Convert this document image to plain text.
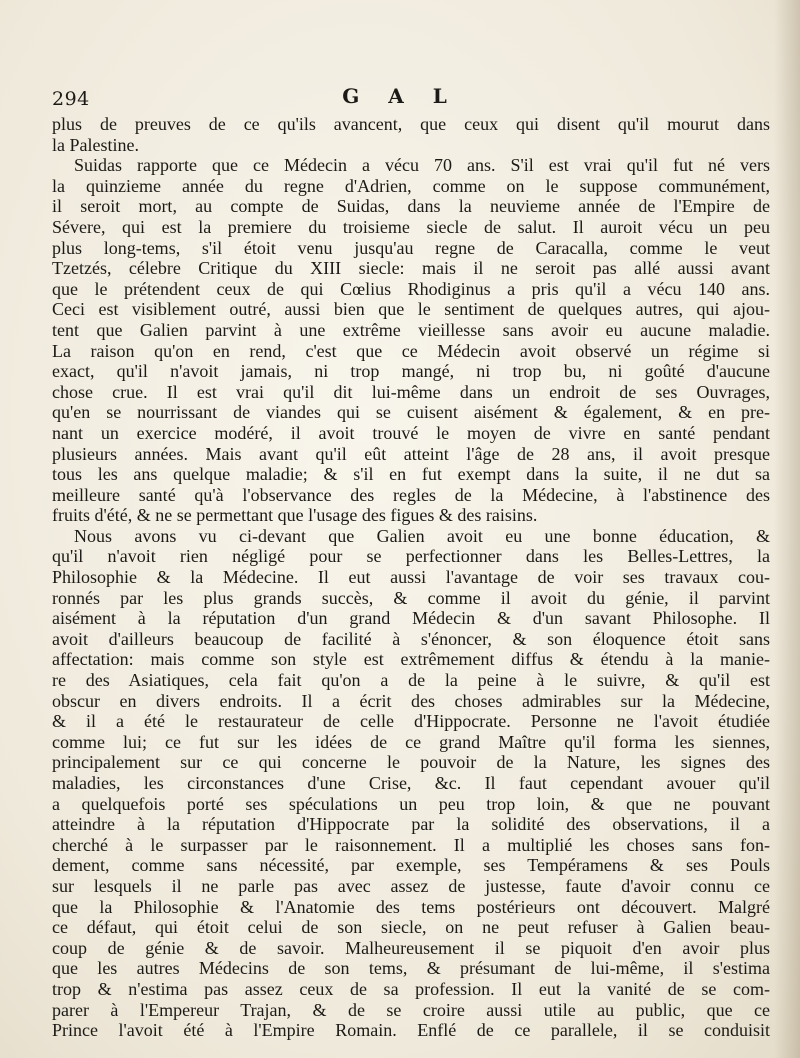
294	G A L

plus de preuves de ce qu'ils avancent, que ceux qui disent qu'il mourut dans
la Palestine.

Suidas rapporte que ce Médecin a vécu 70 ans. S'il est vrai qu'il fut né vers
la quinzieme année du regne d'Adrien, comme on le suppose communément,
il seroit mort, au compte de Suidas, dans la neuvieme année de l'Empire de
Sévere, qui est la premiere du troisieme siecle de salut. Il auroit vécu un peu
plus long-tems, s'il étoit venu jusqu'au regne de Caracalla, comme le veut
Tzetzés, célebre Critique du XIII siecle: mais il ne seroit pas allé aussi avant
que le prétendent ceux de qui Cœlius Rhodiginus a pris qu'il a vécu 140 ans.
Ceci est visiblement outré, aussi bien que le sentiment de quelques autres, qui ajou-
tent que Galien parvint à une extrême vieillesse sans avoir eu aucune maladie.
La raison qu'on en rend, c'est que ce Médecin avoit observé un régime si
exact, qu'il n'avoit jamais, ni trop mangé, ni trop bu, ni goûté d'aucune
chose crue. Il est vrai qu'il dit lui-même dans un endroit de ses Ouvrages,
qu'en se nourrissant de viandes qui se cuisent aisément & également, & en pre-
nant un exercice modéré, il avoit trouvé le moyen de vivre en santé pendant
plusieurs années. Mais avant qu'il eût atteint l'âge de 28 ans, il avoit presque
tous les ans quelque maladie; & s'il en fut exempt dans la suite, il ne dut sa
meilleure santé qu'à l'observance des regles de la Médecine, à l'abstinence des
fruits d'été, & ne se permettant que l'usage des figues & des raisins.

Nous avons vu ci-devant que Galien avoit eu une bonne éducation, &
qu'il n'avoit rien négligé pour se perfectionner dans les Belles-Lettres, la
Philosophie & la Médecine. Il eut aussi l'avantage de voir ses travaux cou-
ronnés par les plus grands succès, & comme il avoit du génie, il parvint
aisément à la réputation d'un grand Médecin & d'un savant Philosophe. Il
avoit d'ailleurs beaucoup de facilité à s'énoncer, & son éloquence étoit sans
affectation: mais comme son style est extrêmement diffus & étendu à la manie-
re des Asiatiques, cela fait qu'on a de la peine à le suivre, & qu'il est
obscur en divers endroits. Il a écrit des choses admirables sur la Médecine,
& il a été le restaurateur de celle d'Hippocrate. Personne ne l'avoit étudiée
comme lui; ce fut sur les idées de ce grand Maître qu'il forma les siennes,
principalement sur ce qui concerne le pouvoir de la Nature, les signes des
maladies, les circonstances d'une Crise, &c. Il faut cependant avouer qu'il
a quelquefois porté ses spéculations un peu trop loin, & que ne pouvant
atteindre à la réputation d'Hippocrate par la solidité des observations, il a
cherché à le surpasser par le raisonnement. Il a multiplié les choses sans fon-
dement, comme sans nécessité, par exemple, ses Tempéramens & ses Pouls
sur lesquels il ne parle pas avec assez de justesse, faute d'avoir connu ce
que la Philosophie & l'Anatomie des tems postérieurs ont découvert. Malgré
ce défaut, qui étoit celui de son siecle, on ne peut refuser à Galien beau-
coup de génie & de savoir. Malheureusement il se piquoit d'en avoir plus
que les autres Médecins de son tems, & présumant de lui-même, il s'estima
trop & n'estima pas assez ceux de sa profession. Il eut la vanité de se com-
parer à l'Empereur Trajan, & de se croire aussi utile au public, que ce
Prince l'avoit été à l'Empire Romain. Enflé de ce parallele, il se conduisit
